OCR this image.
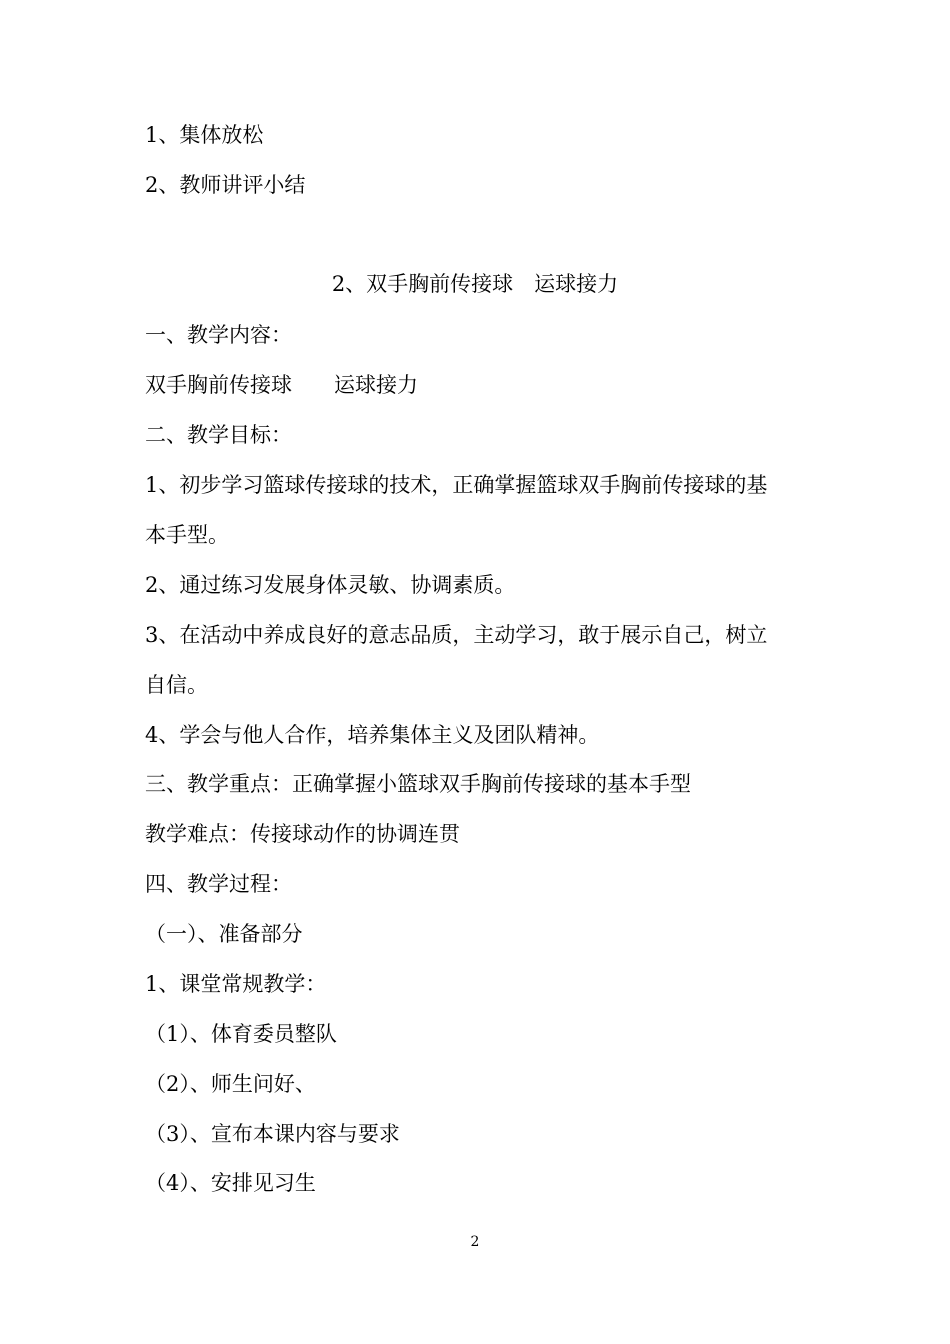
1、集体放松
2、教师讲评小结
2、双手胸前传接球　运球接力
一、教学内容：
双手胸前传接球　　运球接力
二、教学目标：
1、初步学习篮球传接球的技术，正确掌握篮球双手胸前传接球的基
本手型。
2、通过练习发展身体灵敏、协调素质。
3、在活动中养成良好的意志品质，主动学习，敢于展示自己，树立
自信。
4、学会与他人合作，培养集体主义及团队精神。
三、教学重点：正确掌握小篮球双手胸前传接球的基本手型
教学难点：传接球动作的协调连贯
四、教学过程：
（一）、准备部分
1、课堂常规教学：
（1）、体育委员整队
（2）、师生问好、
（3）、宣布本课内容与要求
（4）、安排见习生
2
